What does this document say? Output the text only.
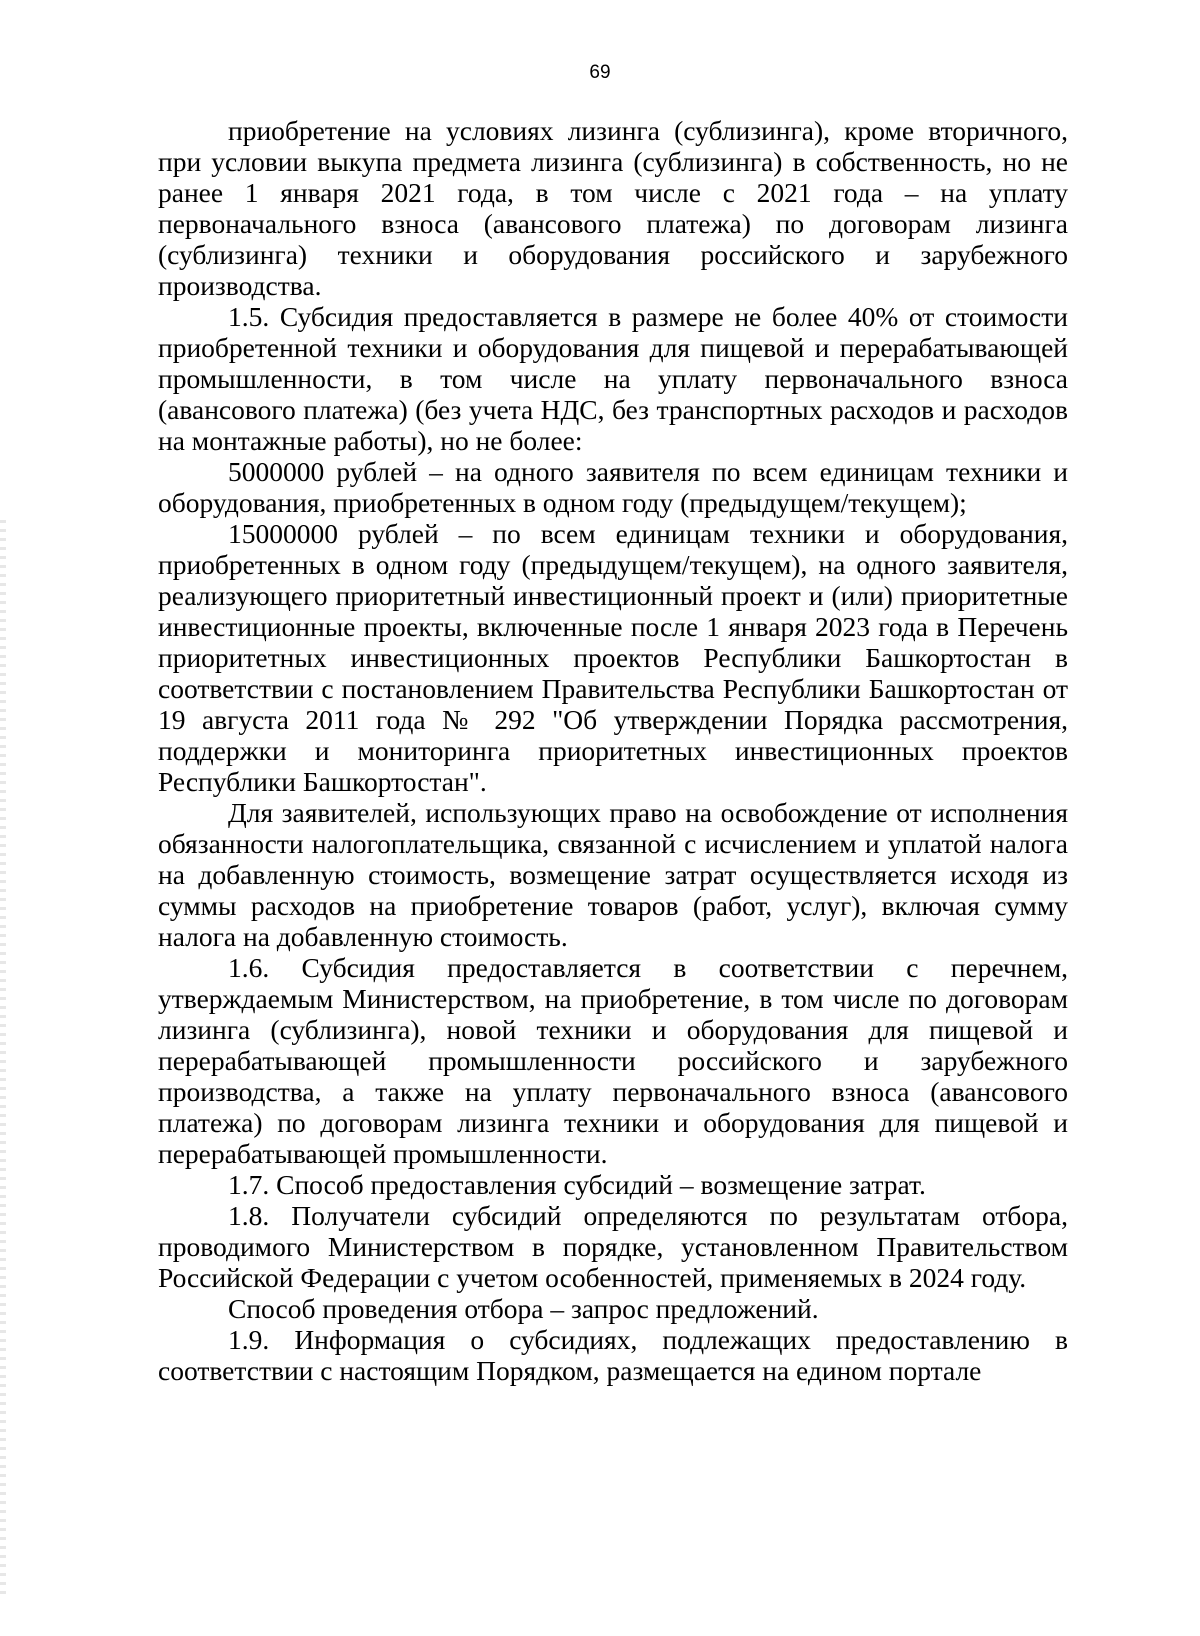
69

приобретение на условиях лизинга (сублизинга), кроме вторичного, при условии выкупа предмета лизинга (сублизинга) в собственность, но не ранее 1 января 2021 года, в том числе с 2021 года – на уплату первоначального взноса (авансового платежа) по договорам лизинга (сублизинга) техники и оборудования российского и зарубежного производства.

1.5. Субсидия предоставляется в размере не более 40% от стоимости приобретенной техники и оборудования для пищевой и перерабатывающей промышленности, в том числе на уплату первоначального взноса (авансового платежа) (без учета НДС, без транспортных расходов и расходов на монтажные работы), но не более:

5000000 рублей – на одного заявителя по всем единицам техники и оборудования, приобретенных в одном году (предыдущем/текущем);

15000000 рублей – по всем единицам техники и оборудования, приобретенных в одном году (предыдущем/текущем), на одного заявителя, реализующего приоритетный инвестиционный проект и (или) приоритетные инвестиционные проекты, включенные после 1 января 2023 года в Перечень приоритетных инвестиционных проектов Республики Башкортостан в соответствии с постановлением Правительства Республики Башкортостан от 19 августа 2011 года № 292 "Об утверждении Порядка рассмотрения, поддержки и мониторинга приоритетных инвестиционных проектов Республики Башкортостан".

Для заявителей, использующих право на освобождение от исполнения обязанности налогоплательщика, связанной с исчислением и уплатой налога на добавленную стоимость, возмещение затрат осуществляется исходя из суммы расходов на приобретение товаров (работ, услуг), включая сумму налога на добавленную стоимость.

1.6. Субсидия предоставляется в соответствии с перечнем, утверждаемым Министерством, на приобретение, в том числе по договорам лизинга (сублизинга), новой техники и оборудования для пищевой и перерабатывающей промышленности российского и зарубежного производства, а также на уплату первоначального взноса (авансового платежа) по договорам лизинга техники и оборудования для пищевой и перерабатывающей промышленности.

1.7. Способ предоставления субсидий – возмещение затрат.

1.8. Получатели субсидий определяются по результатам отбора, проводимого Министерством в порядке, установленном Правительством Российской Федерации с учетом особенностей, применяемых в 2024 году.

Способ проведения отбора – запрос предложений.

1.9. Информация о субсидиях, подлежащих предоставлению в соответствии с настоящим Порядком, размещается на едином портале
